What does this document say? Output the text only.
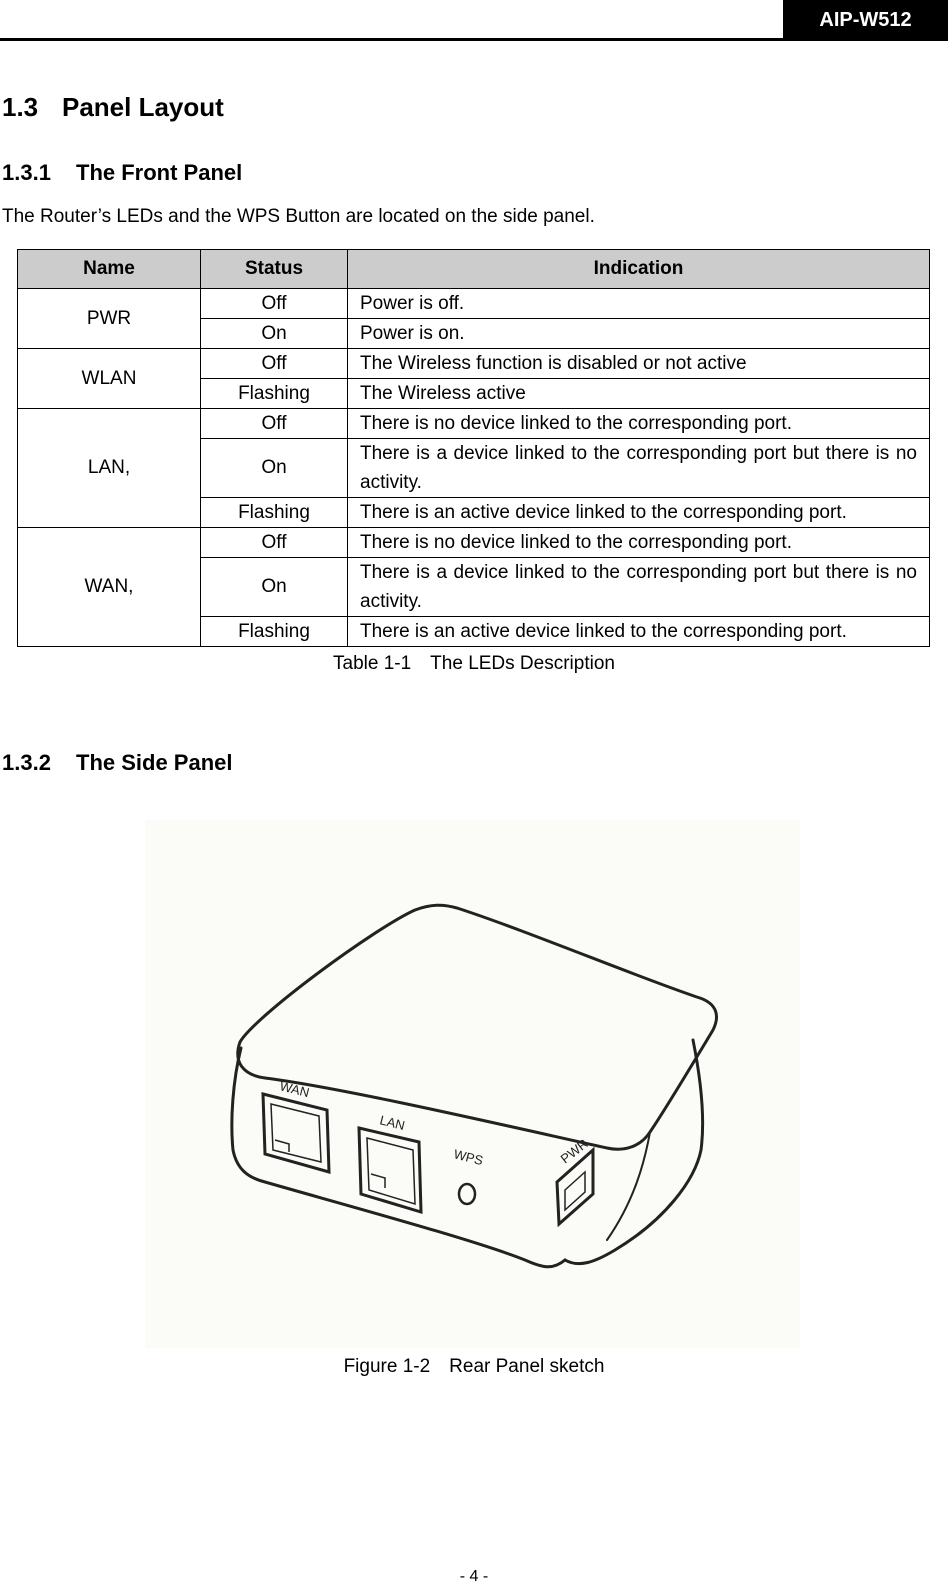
AIP-W512
1.3 Panel Layout
1.3.1 The Front Panel
The Router’s LEDs and the WPS Button are located on the side panel.
Name	Status	Indication
PWR	Off	Power is off.
	On	Power is on.
WLAN	Off	The Wireless function is disabled or not active
	Flashing	The Wireless active
LAN,	Off	There is no device linked to the corresponding port.
	On	There is a device linked to the corresponding port but there is no activity.
	Flashing	There is an active device linked to the corresponding port.
WAN,	Off	There is no device linked to the corresponding port.
	On	There is a device linked to the corresponding port but there is no activity.
	Flashing	There is an active device linked to the corresponding port.
Table 1-1　The LEDs Description
1.3.2 The Side Panel
WAN
LAN
WPS	PWR
Figure 1-2　Rear Panel sketch
- 4 -
